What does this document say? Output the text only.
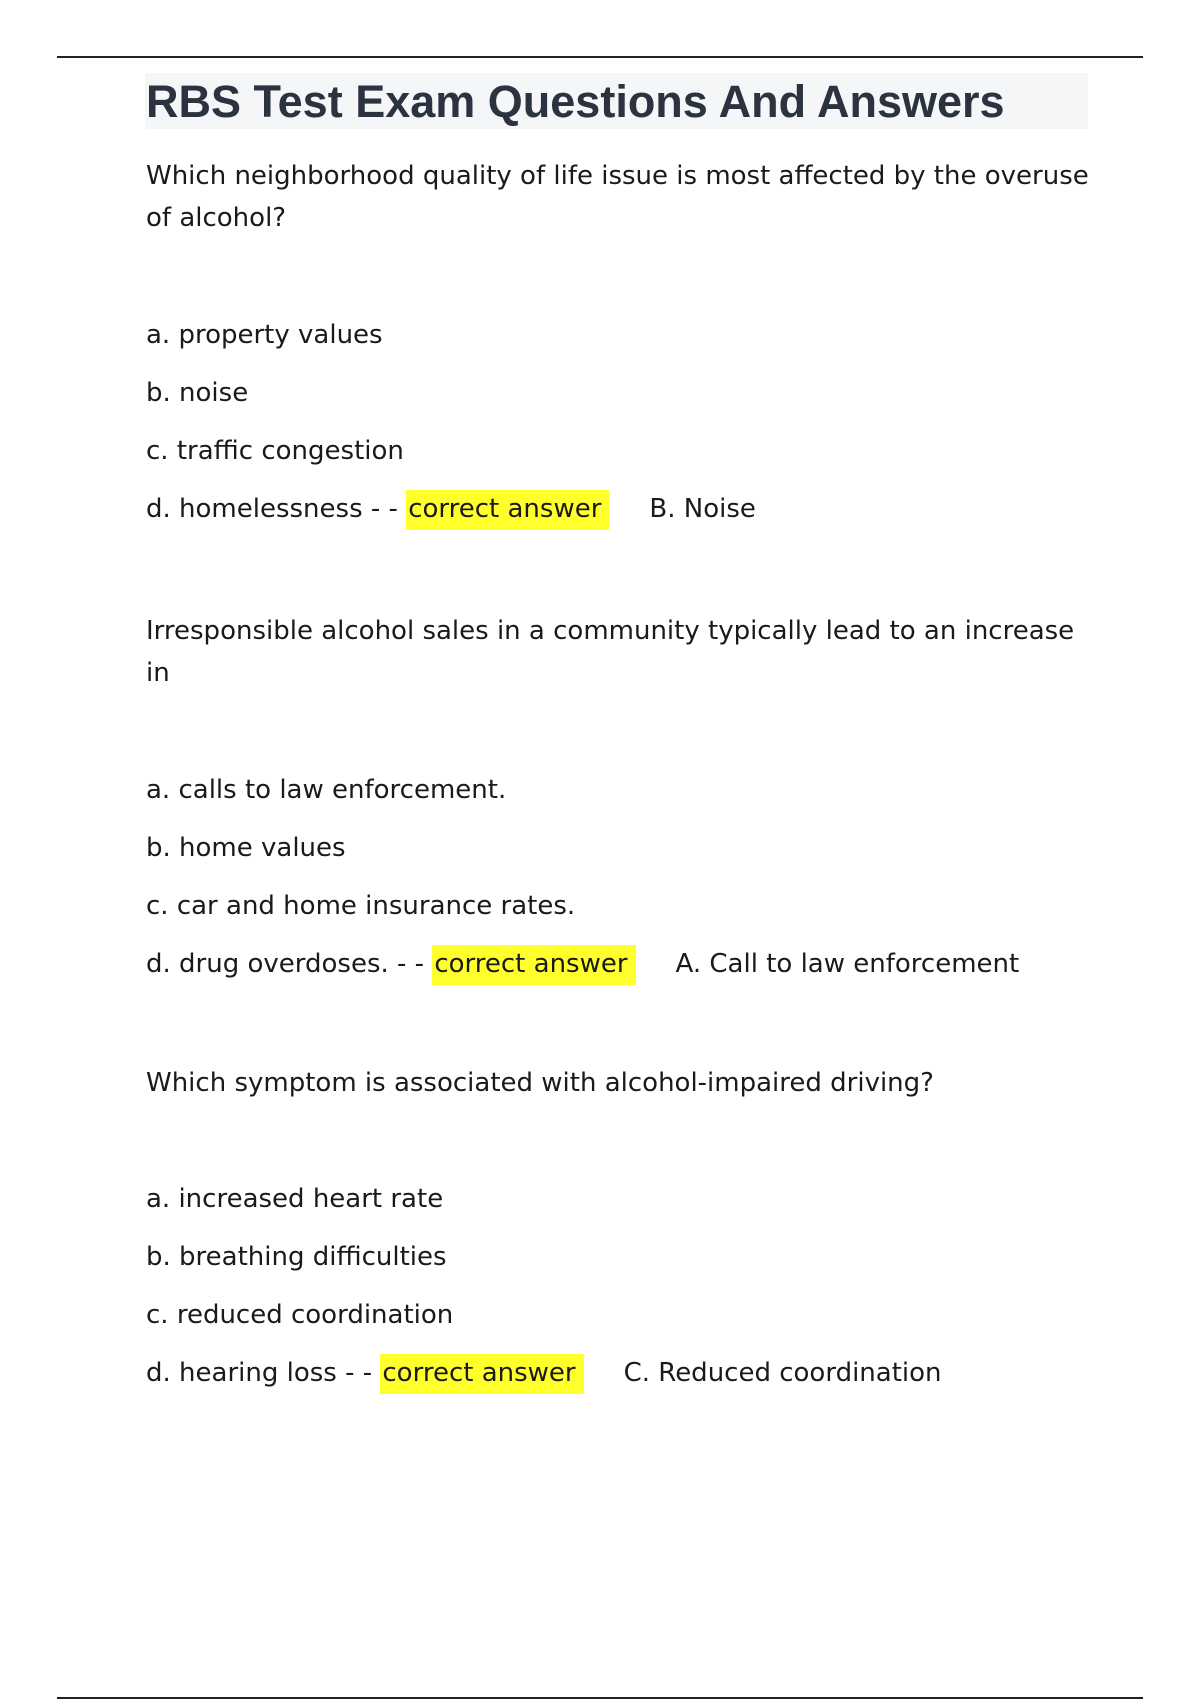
RBS Test Exam Questions And Answers

Which neighborhood quality of life issue is most affected by the overuse of alcohol?

a. property values

b. noise

c. traffic congestion

d. homelessness - - correct answer B. Noise

Irresponsible alcohol sales in a community typically lead to an increase in

a. calls to law enforcement.

b. home values

c. car and home insurance rates.

d. drug overdoses. - - correct answer A. Call to law enforcement

Which symptom is associated with alcohol-impaired driving?

a. increased heart rate

b. breathing difficulties

c. reduced coordination

d. hearing loss - - correct answer C. Reduced coordination
